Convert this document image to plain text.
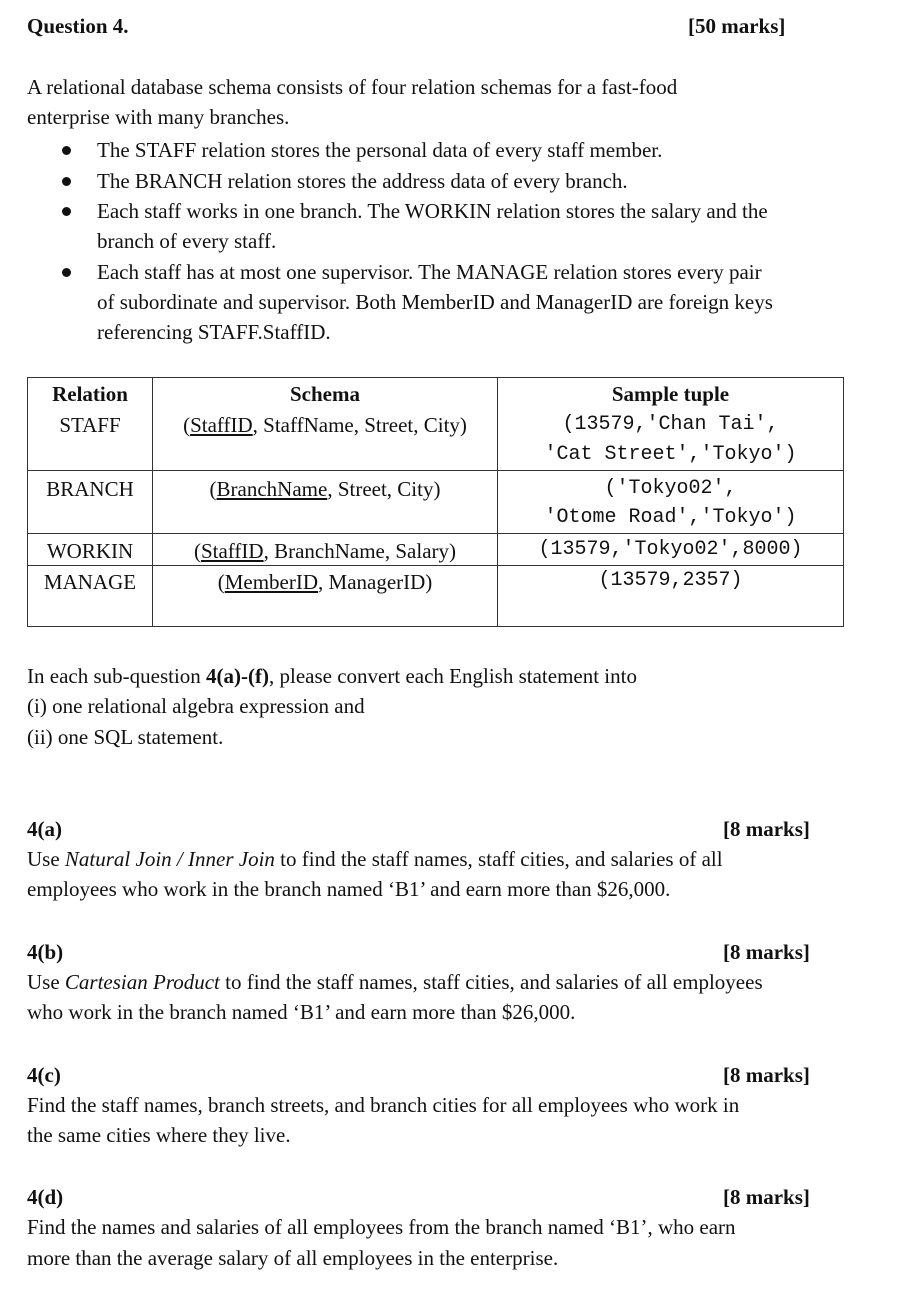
Question 4.	[50 marks]
A relational database schema consists of four relation schemas for a fast-food
enterprise with many branches.
The STAFF relation stores the personal data of every staff member.
The BRANCH relation stores the address data of every branch.
Each staff works in one branch. The WORKIN relation stores the salary and the
branch of every staff.
Each staff has at most one supervisor. The MANAGE relation stores every pair
of subordinate and supervisor. Both MemberID and ManagerID are foreign keys
referencing STAFF.StaffID.
Relation	Schema	Sample tuple
STAFF	(StaffID, StaffName, Street, City)	(13579,'Chan Tai',
'Cat Street','Tokyo')
BRANCH	(BranchName, Street, City)	('Tokyo02',
'Otome Road','Tokyo')
WORKIN	(StaffID, BranchName, Salary)	(13579,'Tokyo02',8000)
MANAGE	(MemberID, ManagerID)	(13579,2357)
In each sub-question 4(a)-(f), please convert each English statement into
(i) one relational algebra expression and
(ii) one SQL statement.
4(a)	[8 marks]
Use Natural Join / Inner Join to find the staff names, staff cities, and salaries of all
employees who work in the branch named ‘B1’ and earn more than $26,000.
4(b)	[8 marks]
Use Cartesian Product to find the staff names, staff cities, and salaries of all employees
who work in the branch named ‘B1’ and earn more than $26,000.
4(c)	[8 marks]
Find the staff names, branch streets, and branch cities for all employees who work in
the same cities where they live.
4(d)	[8 marks]
Find the names and salaries of all employees from the branch named ‘B1’, who earn
more than the average salary of all employees in the enterprise.
